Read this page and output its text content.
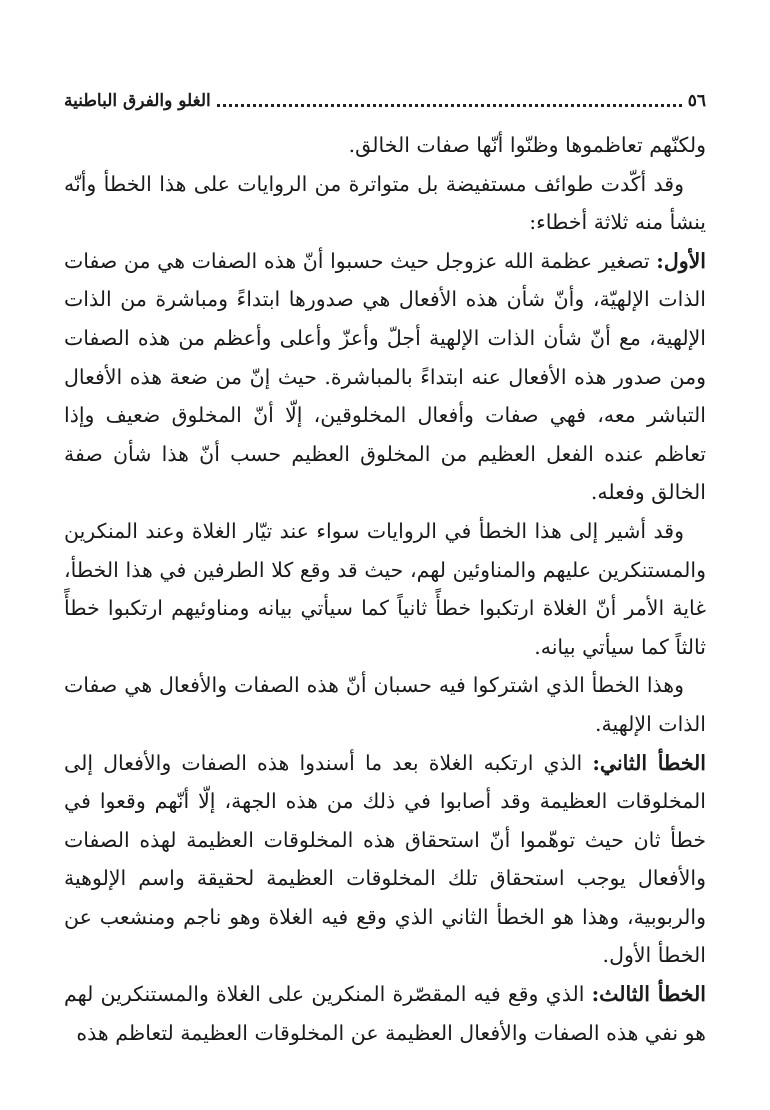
٥٦
الغلو والفرق الباطنية

ولكنّهم تعاظموها وظنّوا أنّها صفات الخالق.

وقد أكّدت طوائف مستفيضة بل متواترة من الروايات على هذا الخطأ وأنّه ينشأ منه ثلاثة أخطاء:

الأول: تصغير عظمة الله عزوجل حيث حسبوا أنّ هذه الصفات هي من صفات الذات الإلهيّة، وأنّ شأن هذه الأفعال هي صدورها ابتداءً ومباشرة من الذات الإلهية، مع أنّ شأن الذات الإلهية أجلّ وأعزّ وأعلى وأعظم من هذه الصفات ومن صدور هذه الأفعال عنه ابتداءً بالمباشرة. حيث إنّ من ضعة هذه الأفعال التباشر معه، فهي صفات وأفعال المخلوقين، إلّا أنّ المخلوق ضعيف وإذا تعاظم عنده الفعل العظيم من المخلوق العظيم حسب أنّ هذا شأن صفة الخالق وفعله.

وقد أشير إلى هذا الخطأ في الروايات سواء عند تيّار الغلاة وعند المنكرين والمستنكرين عليهم والمناوئين لهم، حيث قد وقع كلا الطرفين في هذا الخطأ، غاية الأمر أنّ الغلاة ارتكبوا خطأً ثانياً كما سيأتي بيانه ومناوئيهم ارتكبوا خطأً ثالثاً كما سيأتي بيانه.

وهذا الخطأ الذي اشتركوا فيه حسبان أنّ هذه الصفات والأفعال هي صفات الذات الإلهية.

الخطأ الثاني: الذي ارتكبه الغلاة بعد ما أسندوا هذه الصفات والأفعال إلى المخلوقات العظيمة وقد أصابوا في ذلك من هذه الجهة، إلّا أنّهم وقعوا في خطأ ثان حيث توهّموا أنّ استحقاق هذه المخلوقات العظيمة لهذه الصفات والأفعال يوجب استحقاق تلك المخلوقات العظيمة لحقيقة واسم الإلوهية والربوبية، وهذا هو الخطأ الثاني الذي وقع فيه الغلاة وهو ناجم ومنشعب عن الخطأ الأول.

الخطأ الثالث: الذي وقع فيه المقصّرة المنكرين على الغلاة والمستنكرين لهم هو نفي هذه الصفات والأفعال العظيمة عن المخلوقات العظيمة لتعاظم هذه
